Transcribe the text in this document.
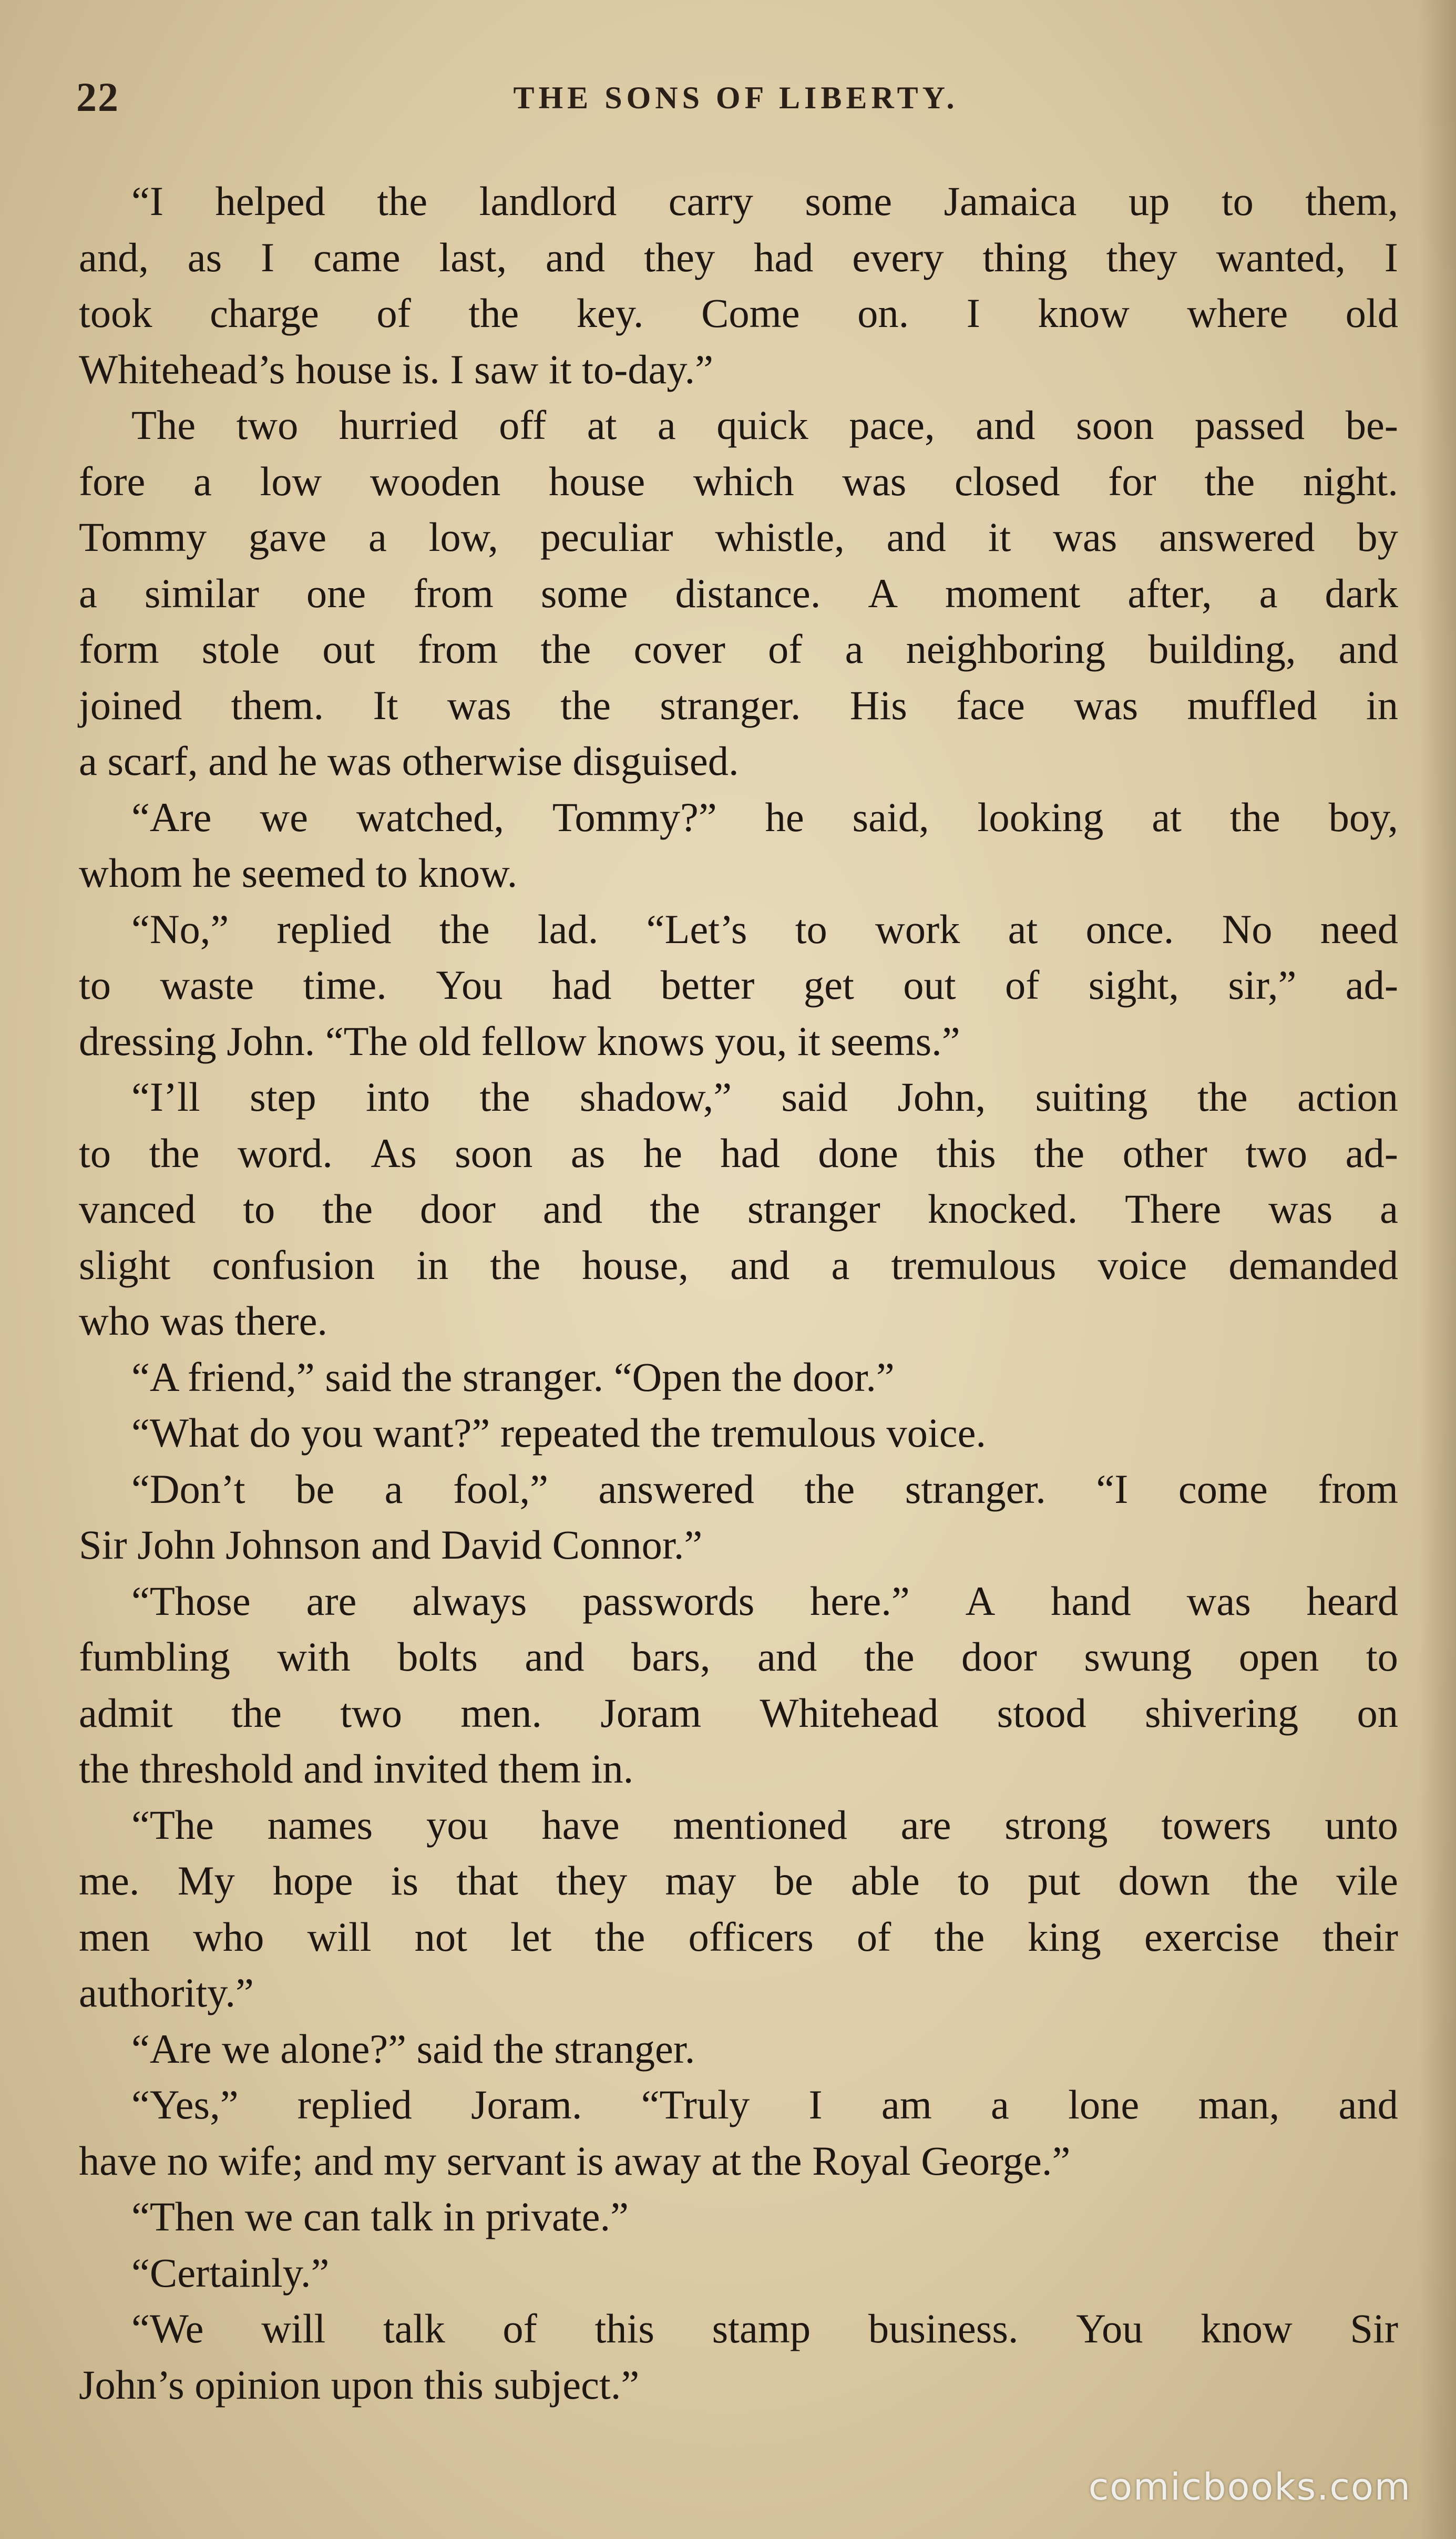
22	THE SONS OF LIBERTY.
“I helped the landlord carry some Jamaica up to them,
and, as I came last, and they had every thing they wanted, I
took charge of the key. Come on. I know where old
Whitehead’s house is. I saw it to-day.”
The two hurried off at a quick pace, and soon passed be-
fore a low wooden house which was closed for the night.
Tommy gave a low, peculiar whistle, and it was answered by
a similar one from some distance. A moment after, a dark
form stole out from the cover of a neighboring building, and
joined them. It was the stranger. His face was muffled in
a scarf, and he was otherwise disguised.
“Are we watched, Tommy?” he said, looking at the boy,
whom he seemed to know.
“No,” replied the lad. “Let’s to work at once. No need
to waste time. You had better get out of sight, sir,” ad-
dressing John. “The old fellow knows you, it seems.”
“I’ll step into the shadow,” said John, suiting the action
to the word. As soon as he had done this the other two ad-
vanced to the door and the stranger knocked. There was a
slight confusion in the house, and a tremulous voice demanded
who was there.
“A friend,” said the stranger. “Open the door.”
“What do you want?” repeated the tremulous voice.
“Don’t be a fool,” answered the stranger. “I come from
Sir John Johnson and David Connor.”
“Those are always passwords here.” A hand was heard
fumbling with bolts and bars, and the door swung open to
admit the two men. Joram Whitehead stood shivering on
the threshold and invited them in.
“The names you have mentioned are strong towers unto
me. My hope is that they may be able to put down the vile
men who will not let the officers of the king exercise their
authority.”
“Are we alone?” said the stranger.
“Yes,” replied Joram. “Truly I am a lone man, and
have no wife; and my servant is away at the Royal George.”
“Then we can talk in private.”
“Certainly.”
“We will talk of this stamp business. You know Sir
John’s opinion upon this subject.”
comicbooks.com
